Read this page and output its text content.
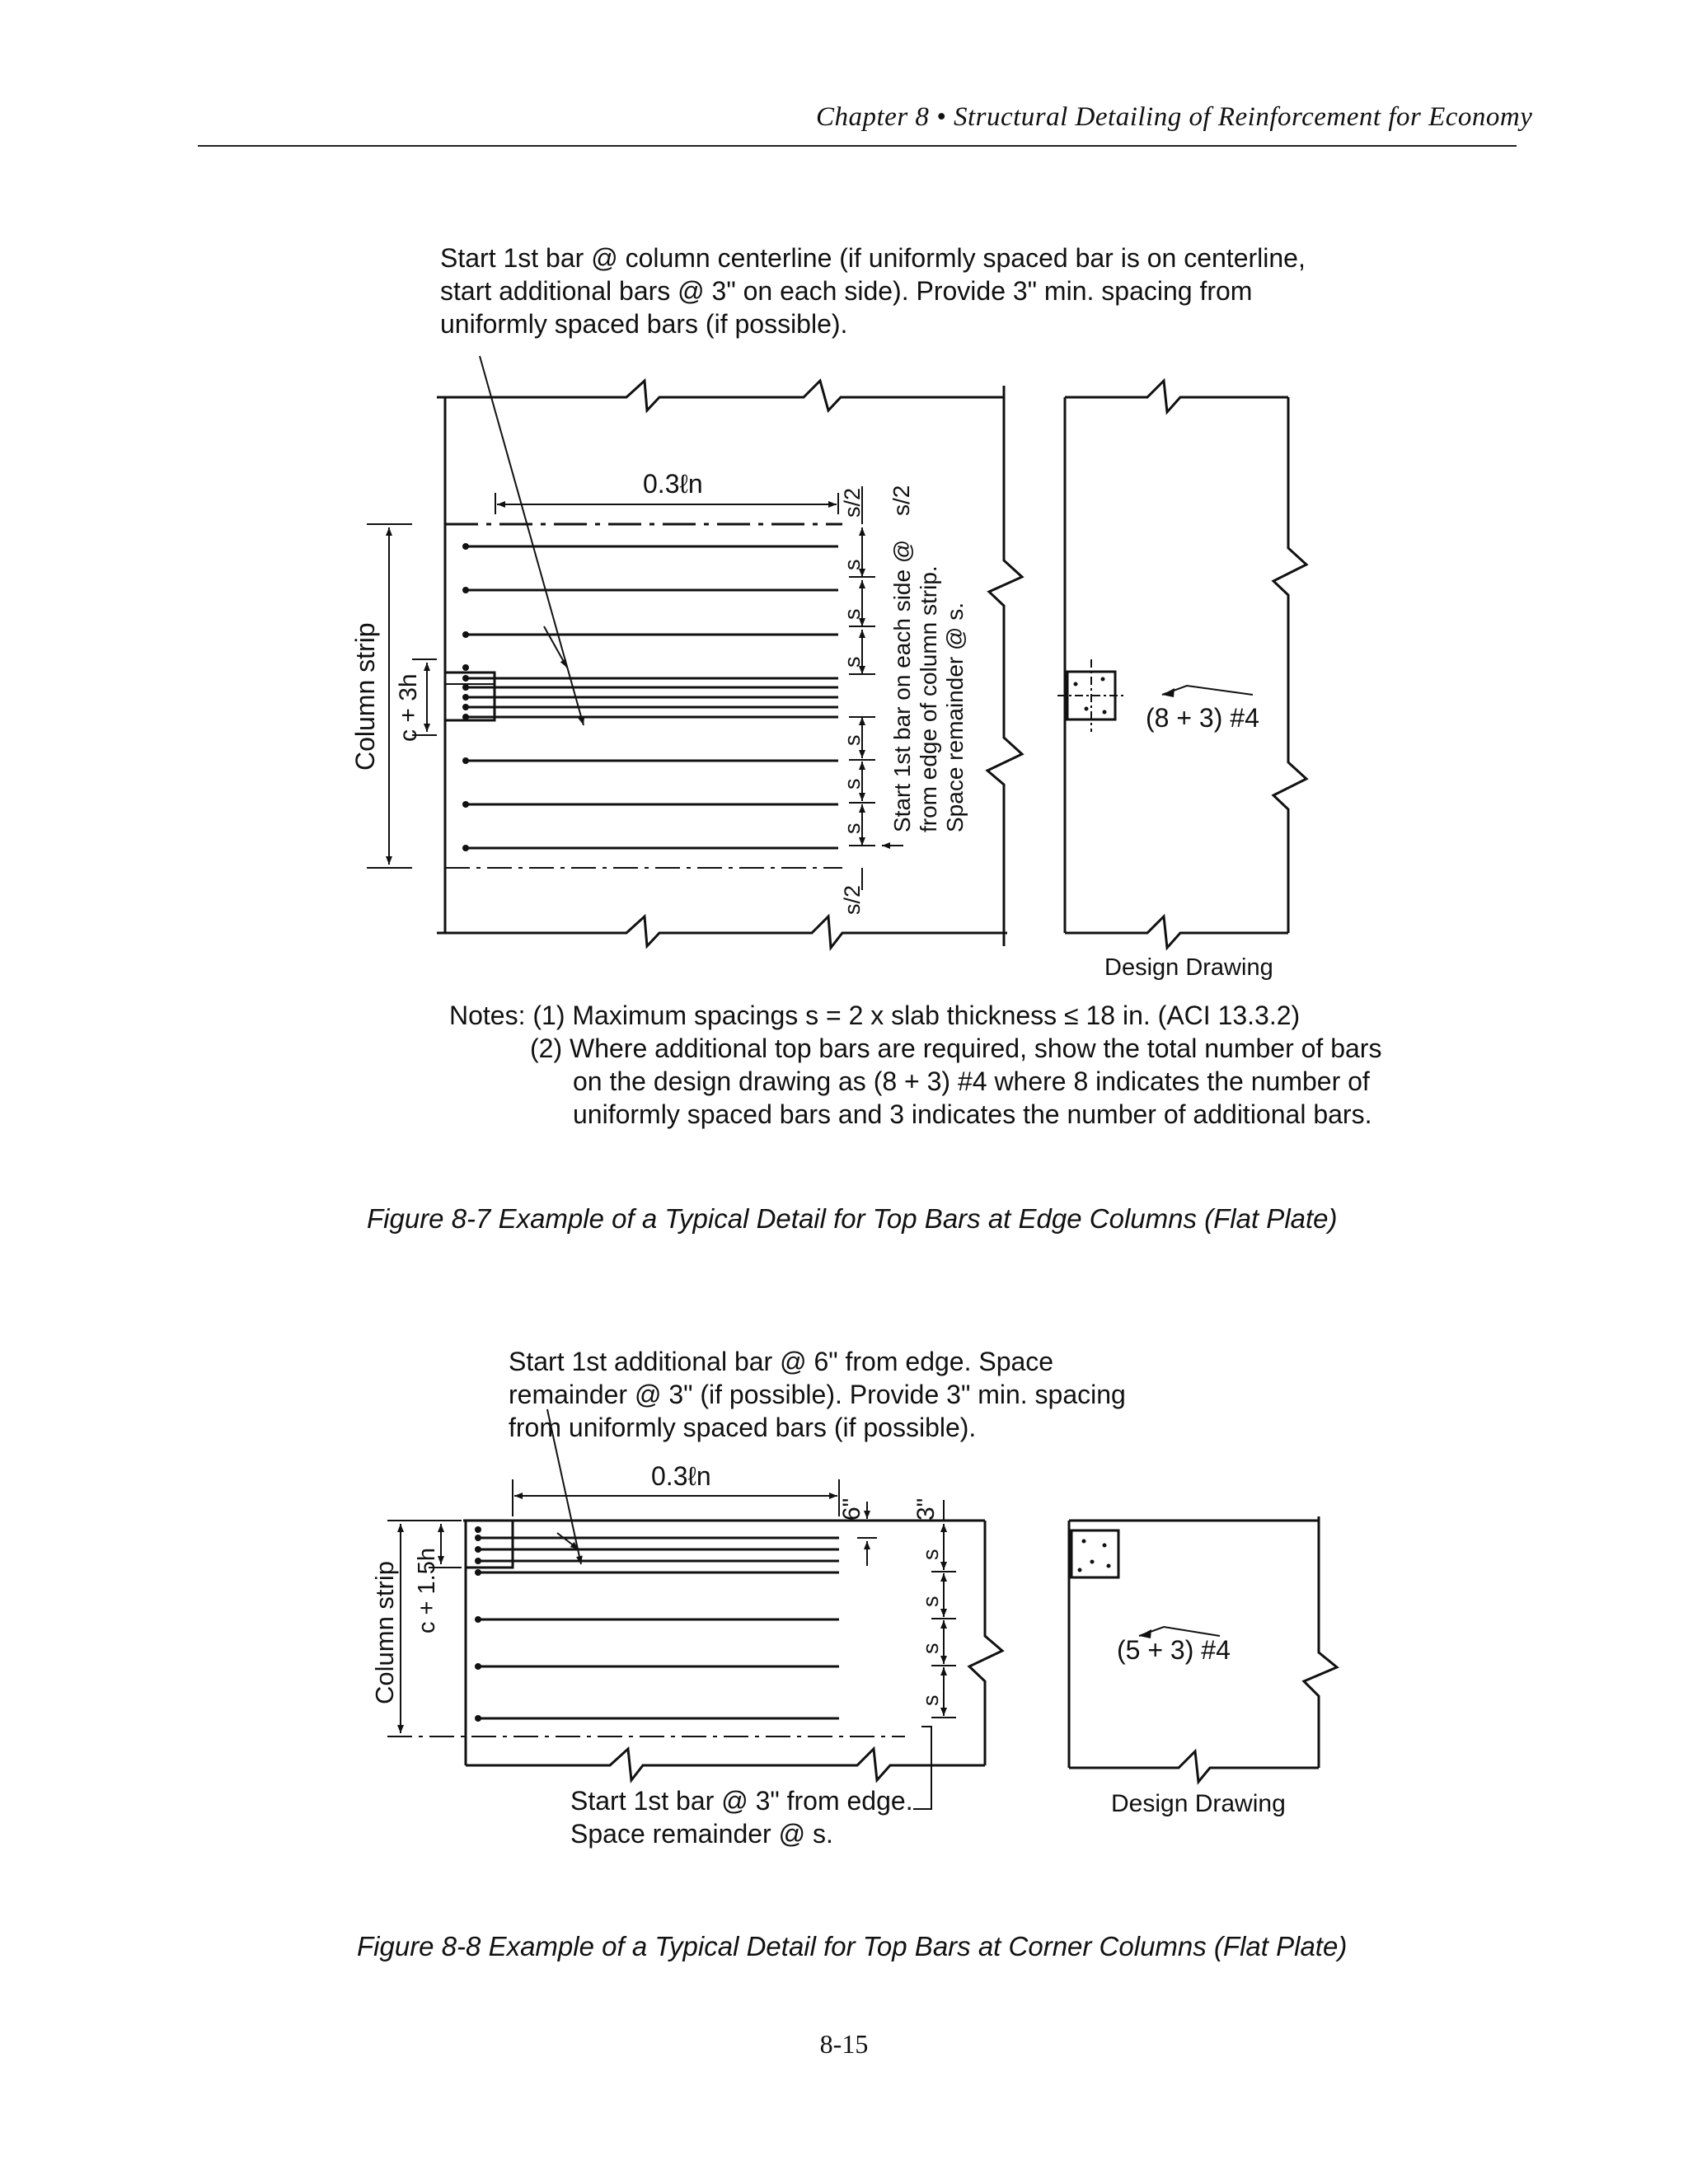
Chapter 8 • Structural Detailing of Reinforcement for Economy
Start 1st bar @ column centerline (if uniformly spaced bar is on centerline,
start additional bars @ 3" on each side). Provide 3" min. spacing from
uniformly spaced bars (if possible).
Notes: (1) Maximum spacings s = 2 x slab thickness ≤ 18 in. (ACI 13.3.2)
(2) Where additional top bars are required, show the total number of bars
on the design drawing as (8 + 3) #4 where 8 indicates the number of
uniformly spaced bars and 3 indicates the number of additional bars.
Figure 8-7 Example of a Typical Detail for Top Bars at Edge Columns (Flat Plate)
Start 1st additional bar @ 6" from edge. Space
remainder @ 3" (if possible). Provide 3" min. spacing
from uniformly spaced bars (if possible).
Start 1st bar @ 3" from edge.
Space remainder @ s.
Figure 8-8 Example of a Typical Detail for Top Bars at Corner Columns (Flat Plate)
8-15
0.3ℓn
Column strip c + 3h
s/2
s
s
s
s
s
s
s/2
Start 1st bar on each side @
s/2
from edge of column strip. Space remainder @ s.	(8 + 3) #4
Design Drawing
0.3ℓn
6" 3"
s
s
s
s
Column strip c + 1.5h
(5 + 3) #4
Design Drawing
